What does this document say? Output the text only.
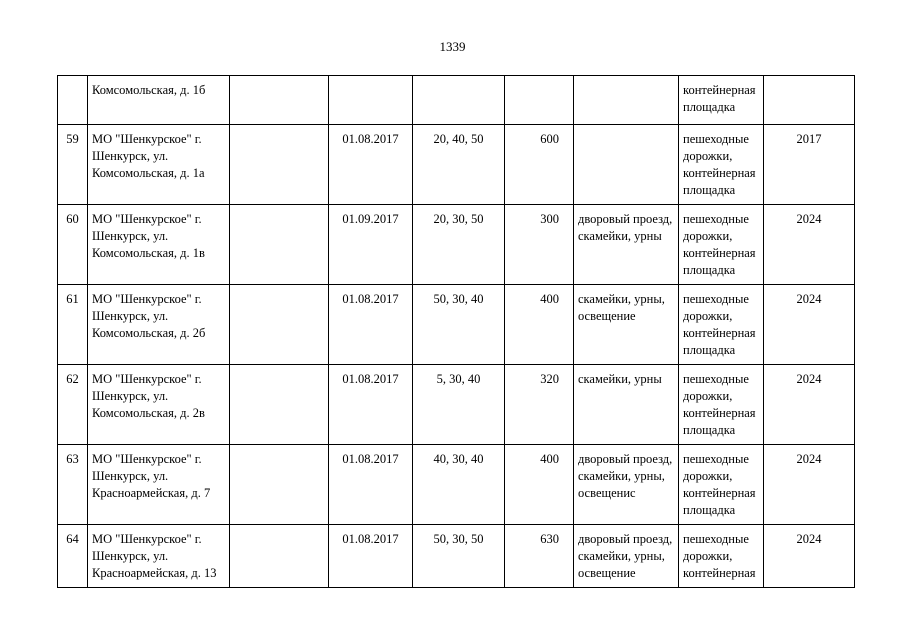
1339
	Комсомольская, д. 1б						контейнерная площадка	
59	МО "Шенкурское" г. Шенкурск, ул. Комсомольская, д. 1а		01.08.2017	20, 40, 50	600		пешеходные дорожки, контейнерная площадка	2017
60	МО "Шенкурское" г. Шенкурск, ул. Комсомольская, д. 1в		01.09.2017	20, 30, 50	300	дворовый проезд, скамейки, урны	пешеходные дорожки, контейнерная площадка	2024
61	МО "Шенкурское" г. Шенкурск, ул. Комсомольская, д. 2б		01.08.2017	50, 30, 40	400	скамейки, урны, освещение	пешеходные дорожки, контейнерная площадка	2024
62	МО "Шенкурское" г. Шенкурск, ул. Комсомольская, д. 2в		01.08.2017	5, 30, 40	320	скамейки, урны	пешеходные дорожки, контейнерная площадка	2024
63	МО "Шенкурское" г. Шенкурск, ул. Красноармейская, д. 7		01.08.2017	40, 30, 40	400	дворовый проезд, скамейки, урны, освещенис	пешеходные дорожки, контейнерная площадка	2024
64	МО "Шенкурское" г. Шенкурск, ул. Красноармейская, д. 13		01.08.2017	50, 30, 50	630	дворовый проезд, скамейки, урны, освещение	пешеходные дорожки, контейнерная	2024
